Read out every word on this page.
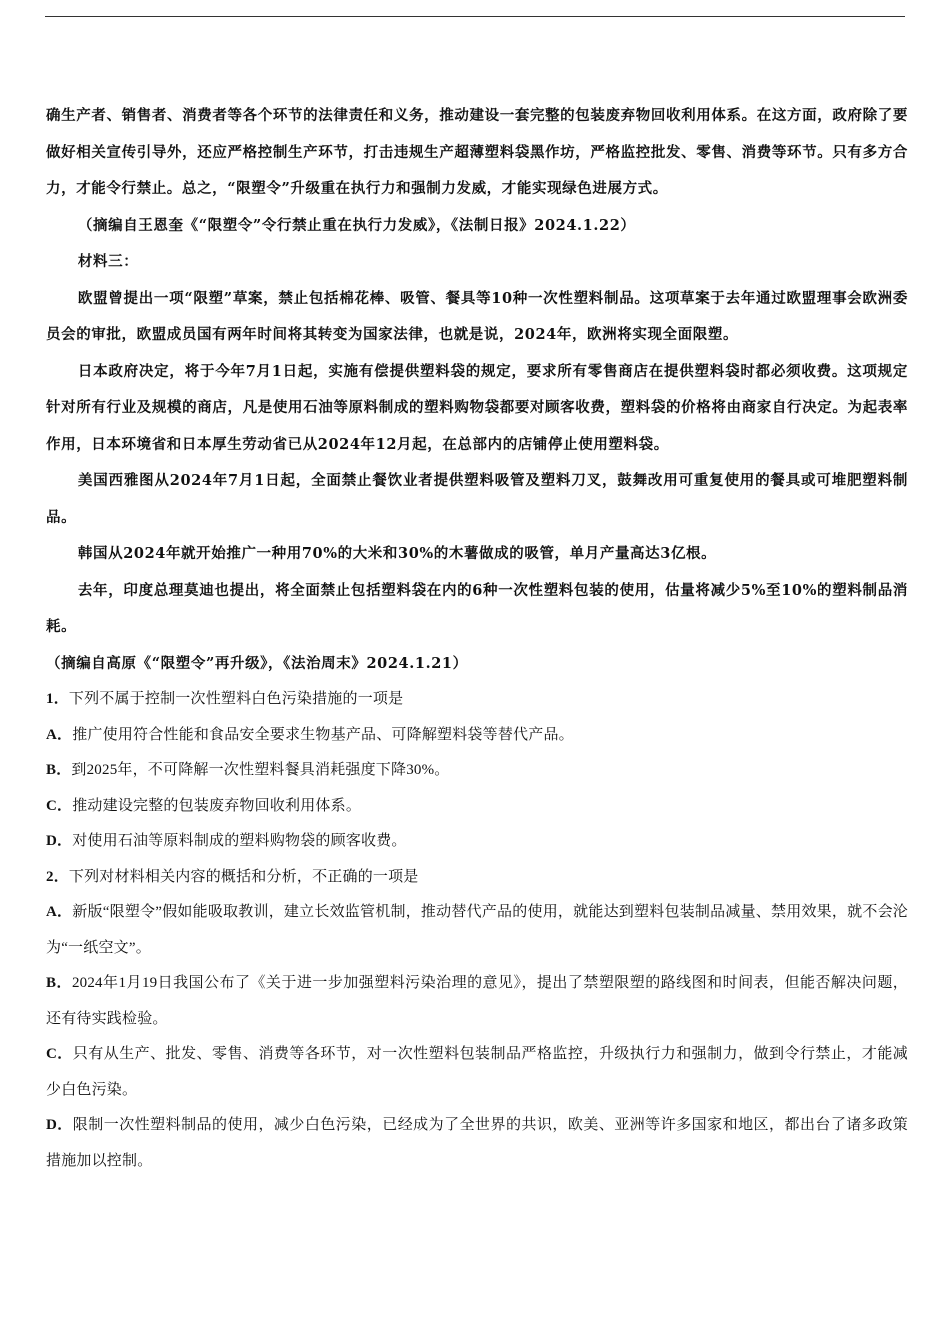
确生产者、销售者、消费者等各个环节的法律责任和义务，推动建设一套完整的包装废弃物回收利用体系。在这方面，政府除了要做好相关宣传引导外，还应严格控制生产环节，打击违规生产超薄塑料袋黑作坊，严格监控批发、零售、消费等环节。只有多方合力，才能令行禁止。总之，“限塑令”升级重在执行力和强制力发威，才能实现绿色进展方式。

（摘编自王恩奎《“限塑令”令行禁止重在执行力发威》，《法制日报》2024.1.22）

材料三：

欧盟曾提出一项“限塑”草案，禁止包括棉花棒、吸管、餐具等10种一次性塑料制品。这项草案于去年通过欧盟理事会欧洲委员会的审批，欧盟成员国有两年时间将其转变为国家法律，也就是说，2024年，欧洲将实现全面限塑。

日本政府决定，将于今年7月1日起，实施有偿提供塑料袋的规定，要求所有零售商店在提供塑料袋时都必须收费。这项规定针对所有行业及规模的商店，凡是使用石油等原料制成的塑料购物袋都要对顾客收费，塑料袋的价格将由商家自行决定。为起表率作用，日本环境省和日本厚生劳动省已从2024年12月起，在总部内的店铺停止使用塑料袋。

美国西雅图从2024年7月1日起，全面禁止餐饮业者提供塑料吸管及塑料刀叉，鼓舞改用可重复使用的餐具或可堆肥塑料制品。

韩国从2024年就开始推广一种用70%的大米和30%的木薯做成的吸管，单月产量高达3亿根。

去年，印度总理莫迪也提出，将全面禁止包括塑料袋在内的6种一次性塑料包装的使用，估量将减少5%至10%的塑料制品消耗。

（摘编自高原《“限塑令”再升级》，《法治周末》2024.1.21）

1．下列不属于控制一次性塑料白色污染措施的一项是

A．推广使用符合性能和食品安全要求生物基产品、可降解塑料袋等替代产品。

B．到2025年，不可降解一次性塑料餐具消耗强度下降30%。

C．推动建设完整的包装废弃物回收利用体系。

D．对使用石油等原料制成的塑料购物袋的顾客收费。

2．下列对材料相关内容的概括和分析，不正确的一项是

A．新版“限塑令”假如能吸取教训，建立长效监管机制，推动替代产品的使用，就能达到塑料包装制品减量、禁用效果，就不会沦为“一纸空文”。

B．2024年1月19日我国公布了《关于进一步加强塑料污染治理的意见》，提出了禁塑限塑的路线图和时间表，但能否解决问题，还有待实践检验。

C．只有从生产、批发、零售、消费等各环节，对一次性塑料包装制品严格监控，升级执行力和强制力，做到令行禁止，才能减少白色污染。

D．限制一次性塑料制品的使用，减少白色污染，已经成为了全世界的共识，欧美、亚洲等许多国家和地区，都出台了诸多政策措施加以控制。
